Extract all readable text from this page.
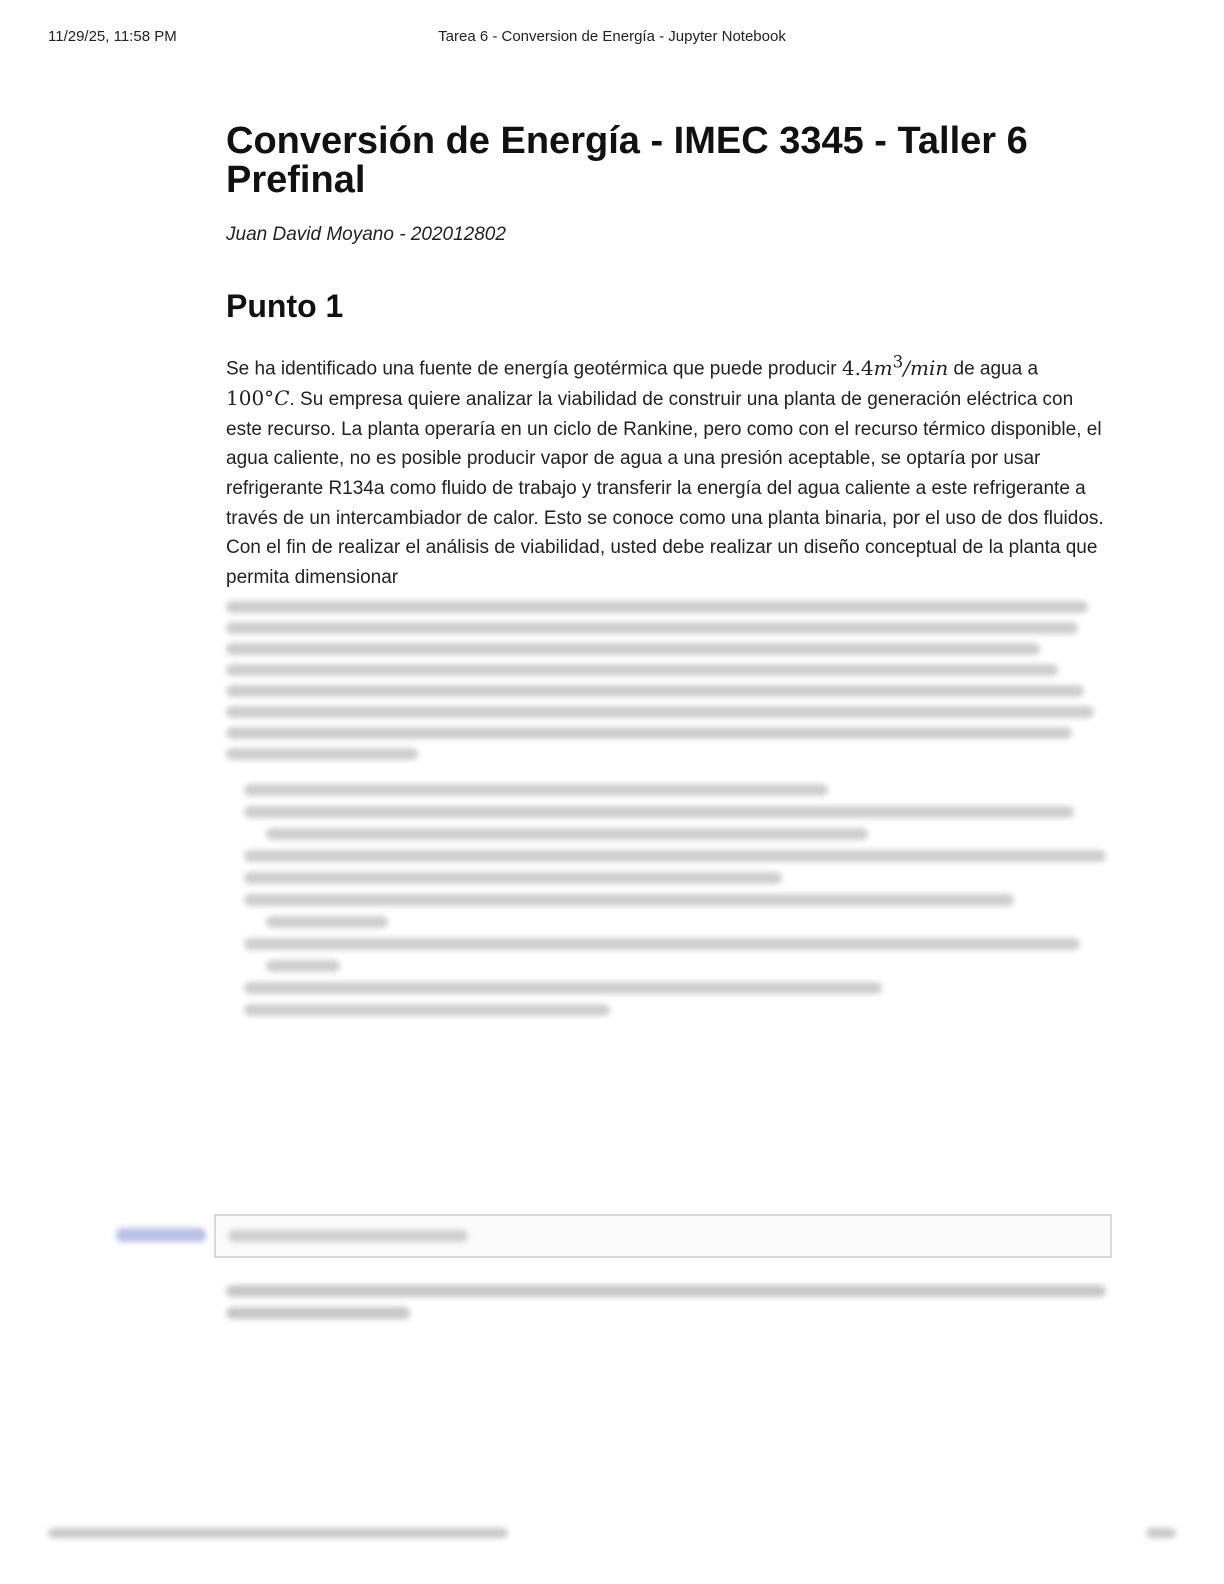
11/29/25, 11:58 PM	Tarea 6 - Conversion de Energía - Jupyter Notebook
Conversión de Energía - IMEC 3345 - Taller 6 Prefinal
Juan David Moyano - 202012802
Punto 1

Se ha identificado una fuente de energía geotérmica que puede producir $4.4m^3/\min$ de agua a 100°C. Su empresa quiere analizar la viabilidad de construir una planta de generación eléctrica con este recurso. La planta operaría en un ciclo de Rankine, pero como con el recurso térmico disponible, el agua caliente, no es posible producir vapor de agua a una presión aceptable, se optaría por usar refrigerante R134a como fluido de trabajo y transferir la energía del agua caliente a este refrigerante a través de un intercambiador de calor. Esto se conoce como una planta binaria, por el uso de dos fluidos. Con el fin de realizar el análisis de viabilidad, usted debe realizar un diseño conceptual de la planta que permita dimensionar
